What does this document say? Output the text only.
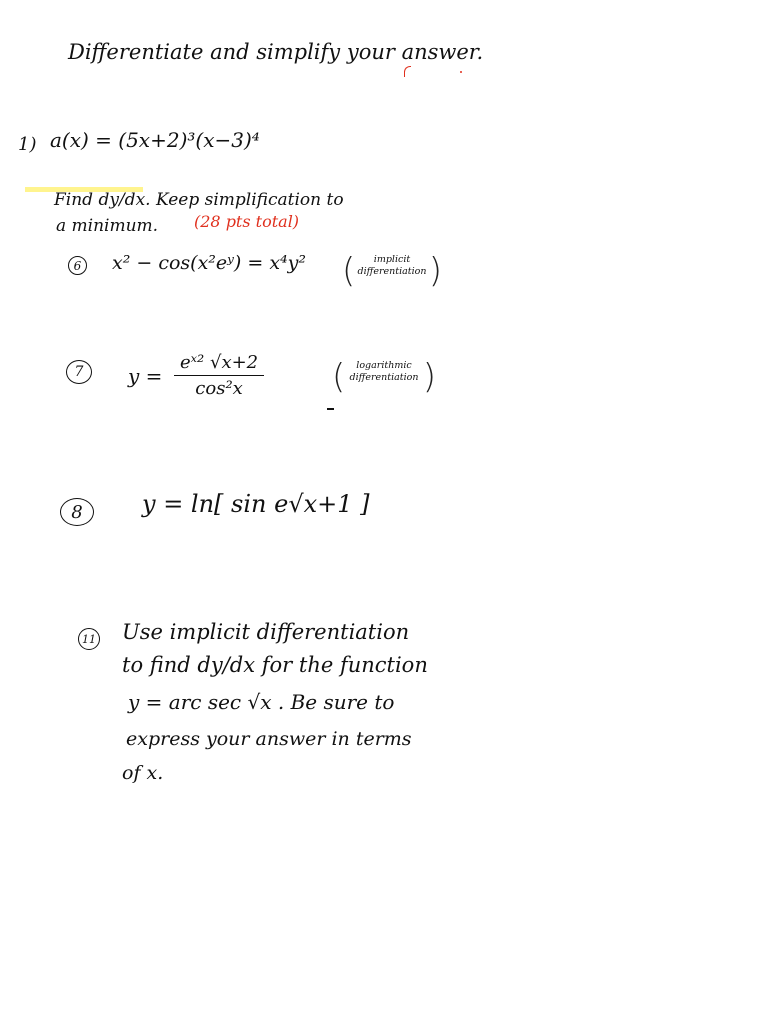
Differentiate and simplify your answer.
1) a(x) = (5x+2)³(x−3)⁴
Find dy/dx. Keep simplification to
a minimum. (28 pts total)
6 x² − cos(x²eʸ) = x⁴y²	( implicit
differentiation
)
7	$y = \frac{\text{eˣ² √x+2}}{\text{cos²x}}$	( logarithmic
differentiation
)
8	y = ln[ sin e√x+1 ]
11 Use implicit differentiation
to find dy/dx for the function
y = arc sec √x . Be sure to
express your answer in terms
of x.
